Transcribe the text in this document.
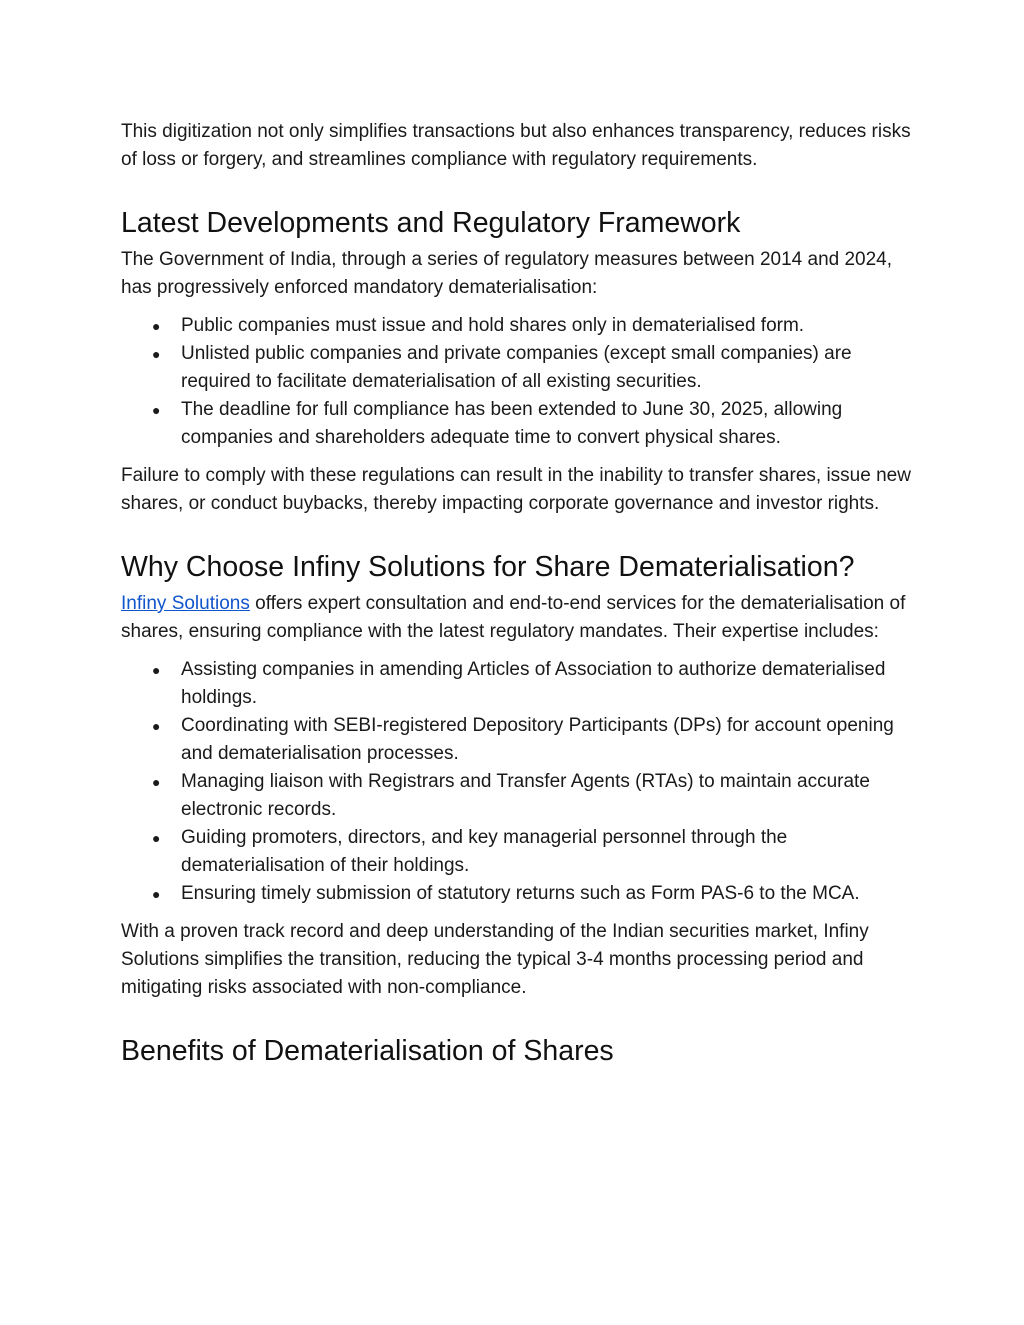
This digitization not only simplifies transactions but also enhances transparency, reduces risks of loss or forgery, and streamlines compliance with regulatory requirements.

Latest Developments and Regulatory Framework

The Government of India, through a series of regulatory measures between 2014 and 2024, has progressively enforced mandatory dematerialisation:

● Public companies must issue and hold shares only in dematerialised form.
● Unlisted public companies and private companies (except small companies) are required to facilitate dematerialisation of all existing securities.
● The deadline for full compliance has been extended to June 30, 2025, allowing companies and shareholders adequate time to convert physical shares.

Failure to comply with these regulations can result in the inability to transfer shares, issue new shares, or conduct buybacks, thereby impacting corporate governance and investor rights.

Why Choose Infiny Solutions for Share Dematerialisation?

Infiny Solutions offers expert consultation and end-to-end services for the dematerialisation of shares, ensuring compliance with the latest regulatory mandates. Their expertise includes:

● Assisting companies in amending Articles of Association to authorize dematerialised holdings.
● Coordinating with SEBI-registered Depository Participants (DPs) for account opening and dematerialisation processes.
● Managing liaison with Registrars and Transfer Agents (RTAs) to maintain accurate electronic records.
● Guiding promoters, directors, and key managerial personnel through the dematerialisation of their holdings.
● Ensuring timely submission of statutory returns such as Form PAS-6 to the MCA.

With a proven track record and deep understanding of the Indian securities market, Infiny Solutions simplifies the transition, reducing the typical 3-4 months processing period and mitigating risks associated with non-compliance.

Benefits of Dematerialisation of Shares
